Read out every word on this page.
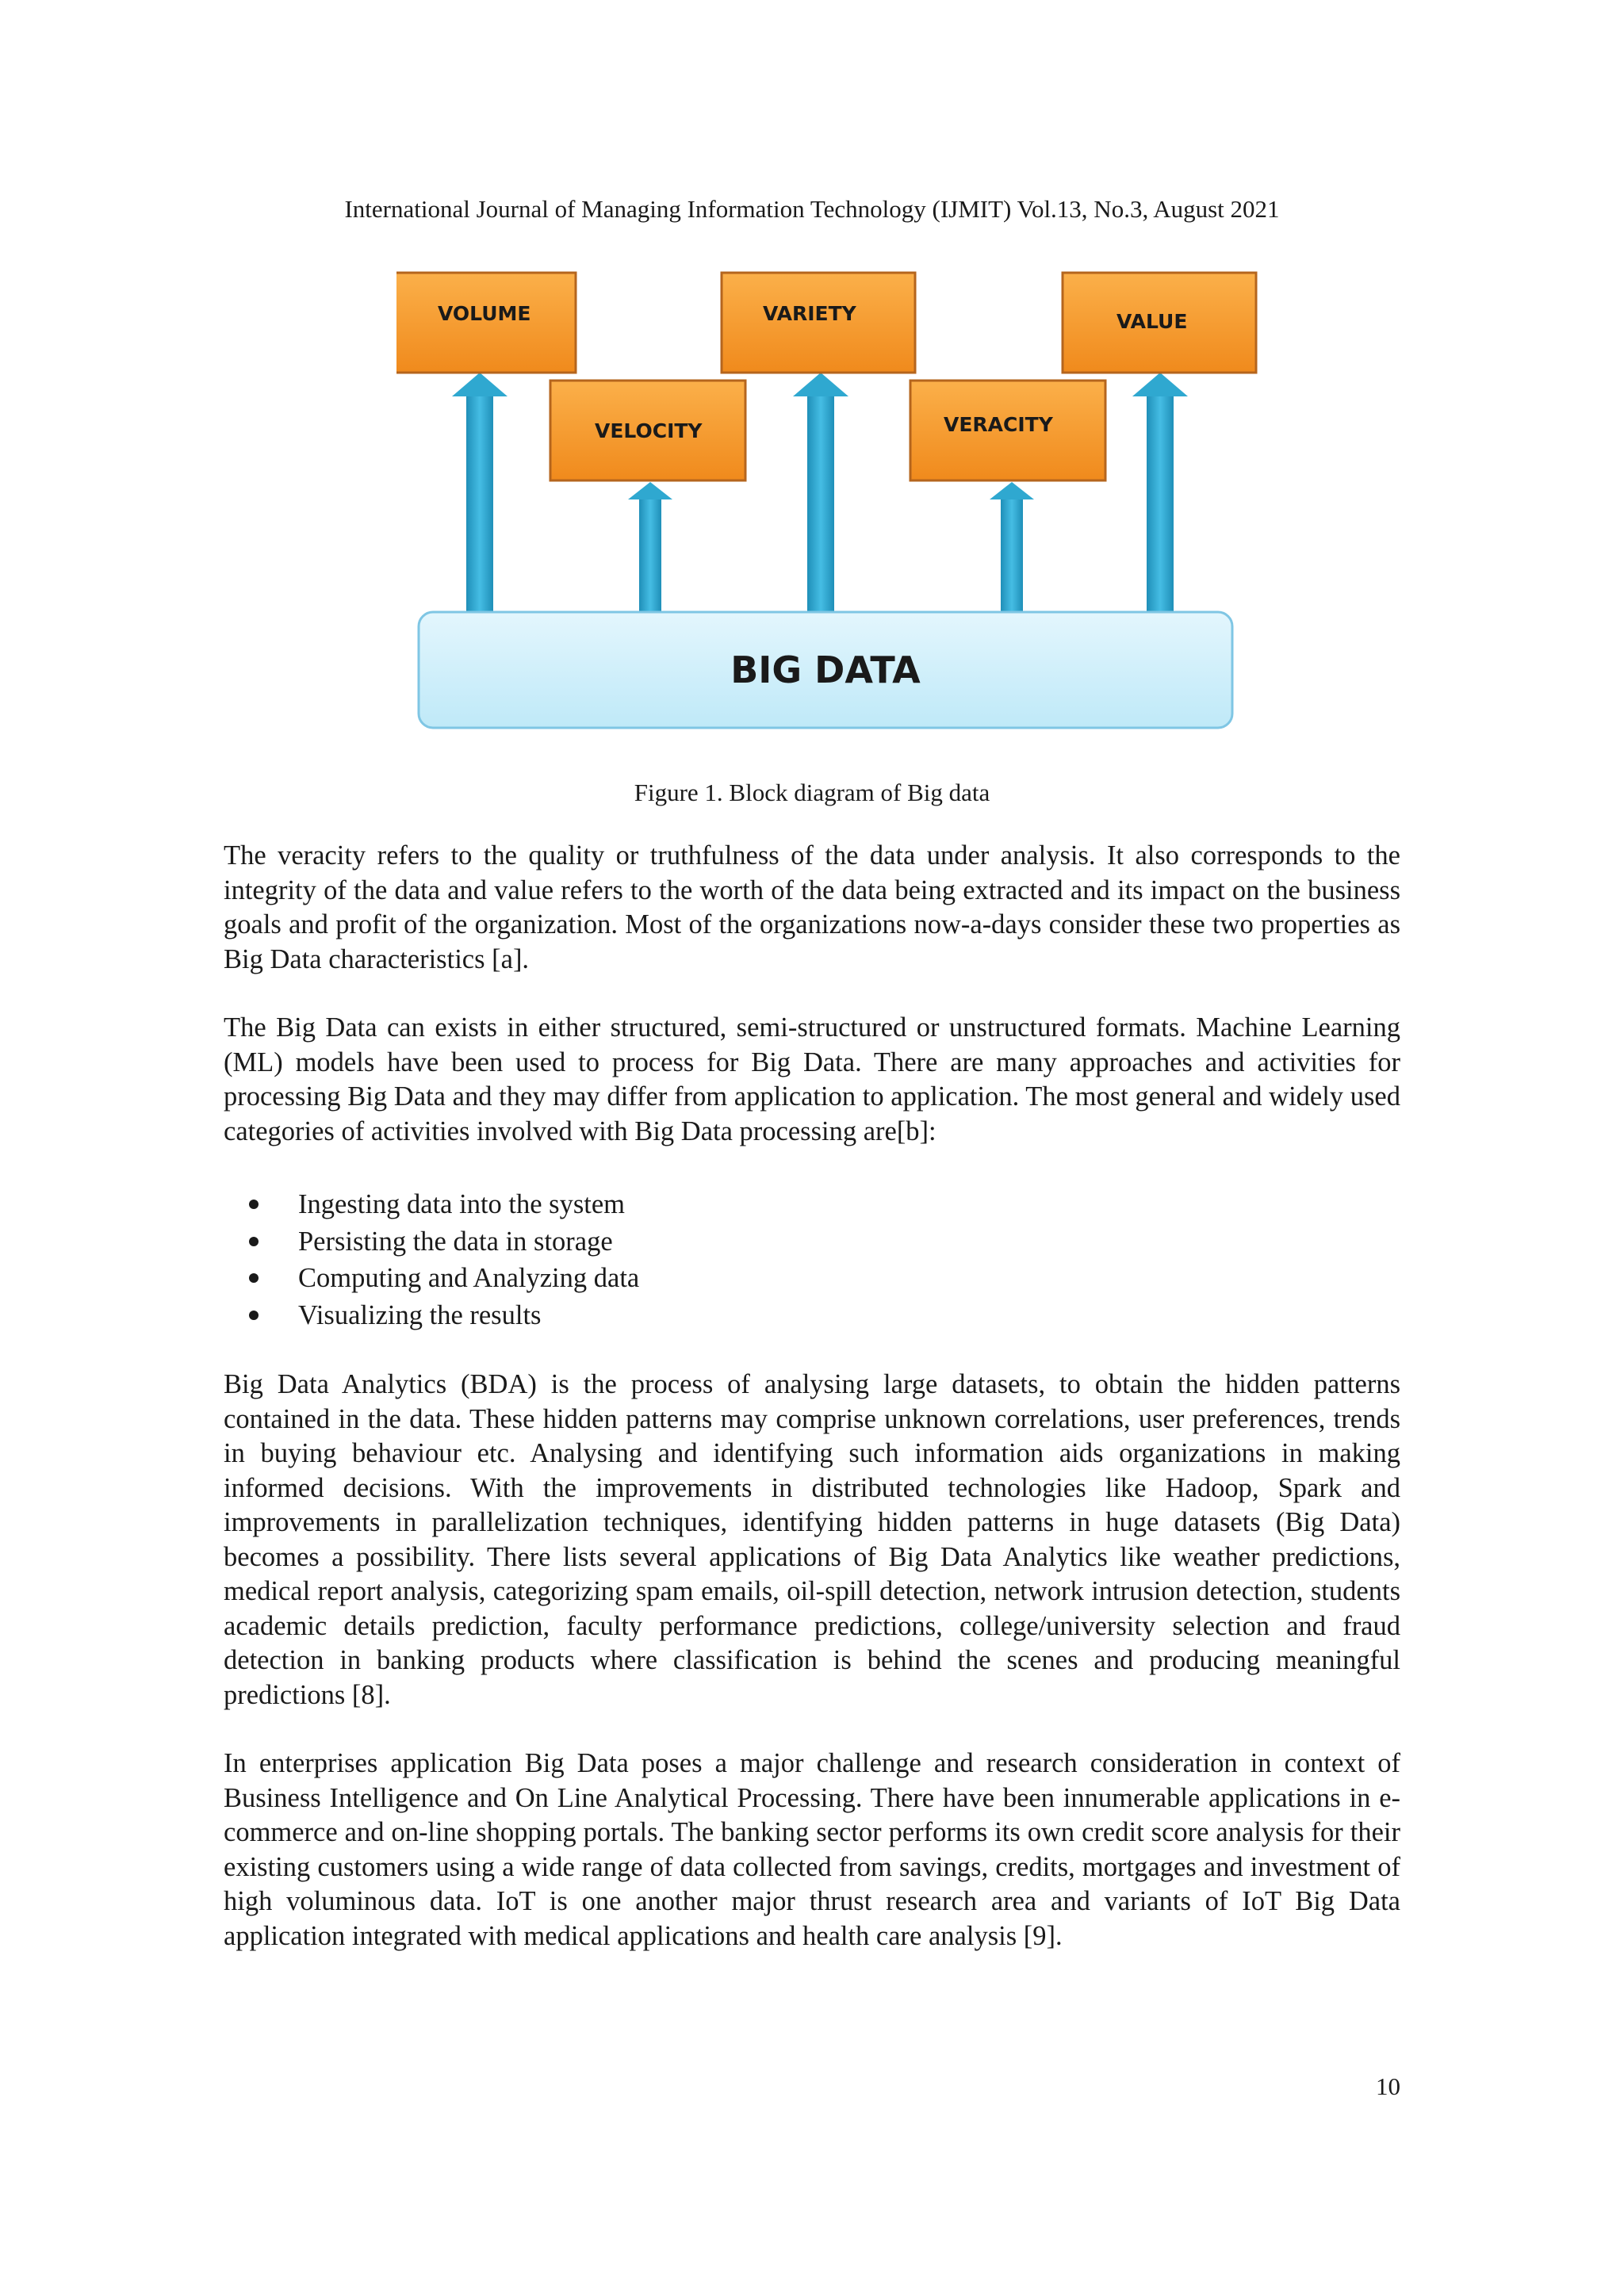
International Journal of Managing Information Technology (IJMIT) Vol.13, No.3, August 2021
VOLUME
VELOCITY
VARIETY
VERACITY
VALUE
BIG DATA
Figure 1. Block diagram of Big data

The veracity refers to the quality or truthfulness of the data under analysis. It also corresponds to the integrity of the data and value refers to the worth of the data being extracted and its impact on the business goals and profit of the organization. Most of the organizations now-a-days consider these two properties as Big Data characteristics [a].

The Big Data can exists in either structured, semi-structured or unstructured formats. Machine Learning (ML) models have been used to process for Big Data. There are many approaches and activities for processing Big Data and they may differ from application to application. The most general and widely used categories of activities involved with Big Data processing are[b]:

Ingesting data into the system
Persisting the data in storage
Computing and Analyzing data
Visualizing the results

Big Data Analytics (BDA) is the process of analysing large datasets, to obtain the hidden patterns contained in the data. These hidden patterns may comprise unknown correlations, user preferences, trends in buying behaviour etc. Analysing and identifying such information aids organizations in making informed decisions. With the improvements in distributed technologies like Hadoop, Spark and improvements in parallelization techniques, identifying hidden patterns in huge datasets (Big Data) becomes a possibility. There lists several applications of Big Data Analytics like weather predictions, medical report analysis, categorizing spam emails, oil-spill detection, network intrusion detection, students academic details prediction, faculty performance predictions, college/university selection and fraud detection in banking products where classification is behind the scenes and producing meaningful predictions [8].

In enterprises application Big Data poses a major challenge and research consideration in context of Business Intelligence and On Line Analytical Processing. There have been innumerable applications in e-commerce and on-line shopping portals. The banking sector performs its own credit score analysis for their existing customers using a wide range of data collected from savings, credits, mortgages and investment of high voluminous data. IoT is one another major thrust research area and variants of IoT Big Data application integrated with medical applications and health care analysis [9].

10
